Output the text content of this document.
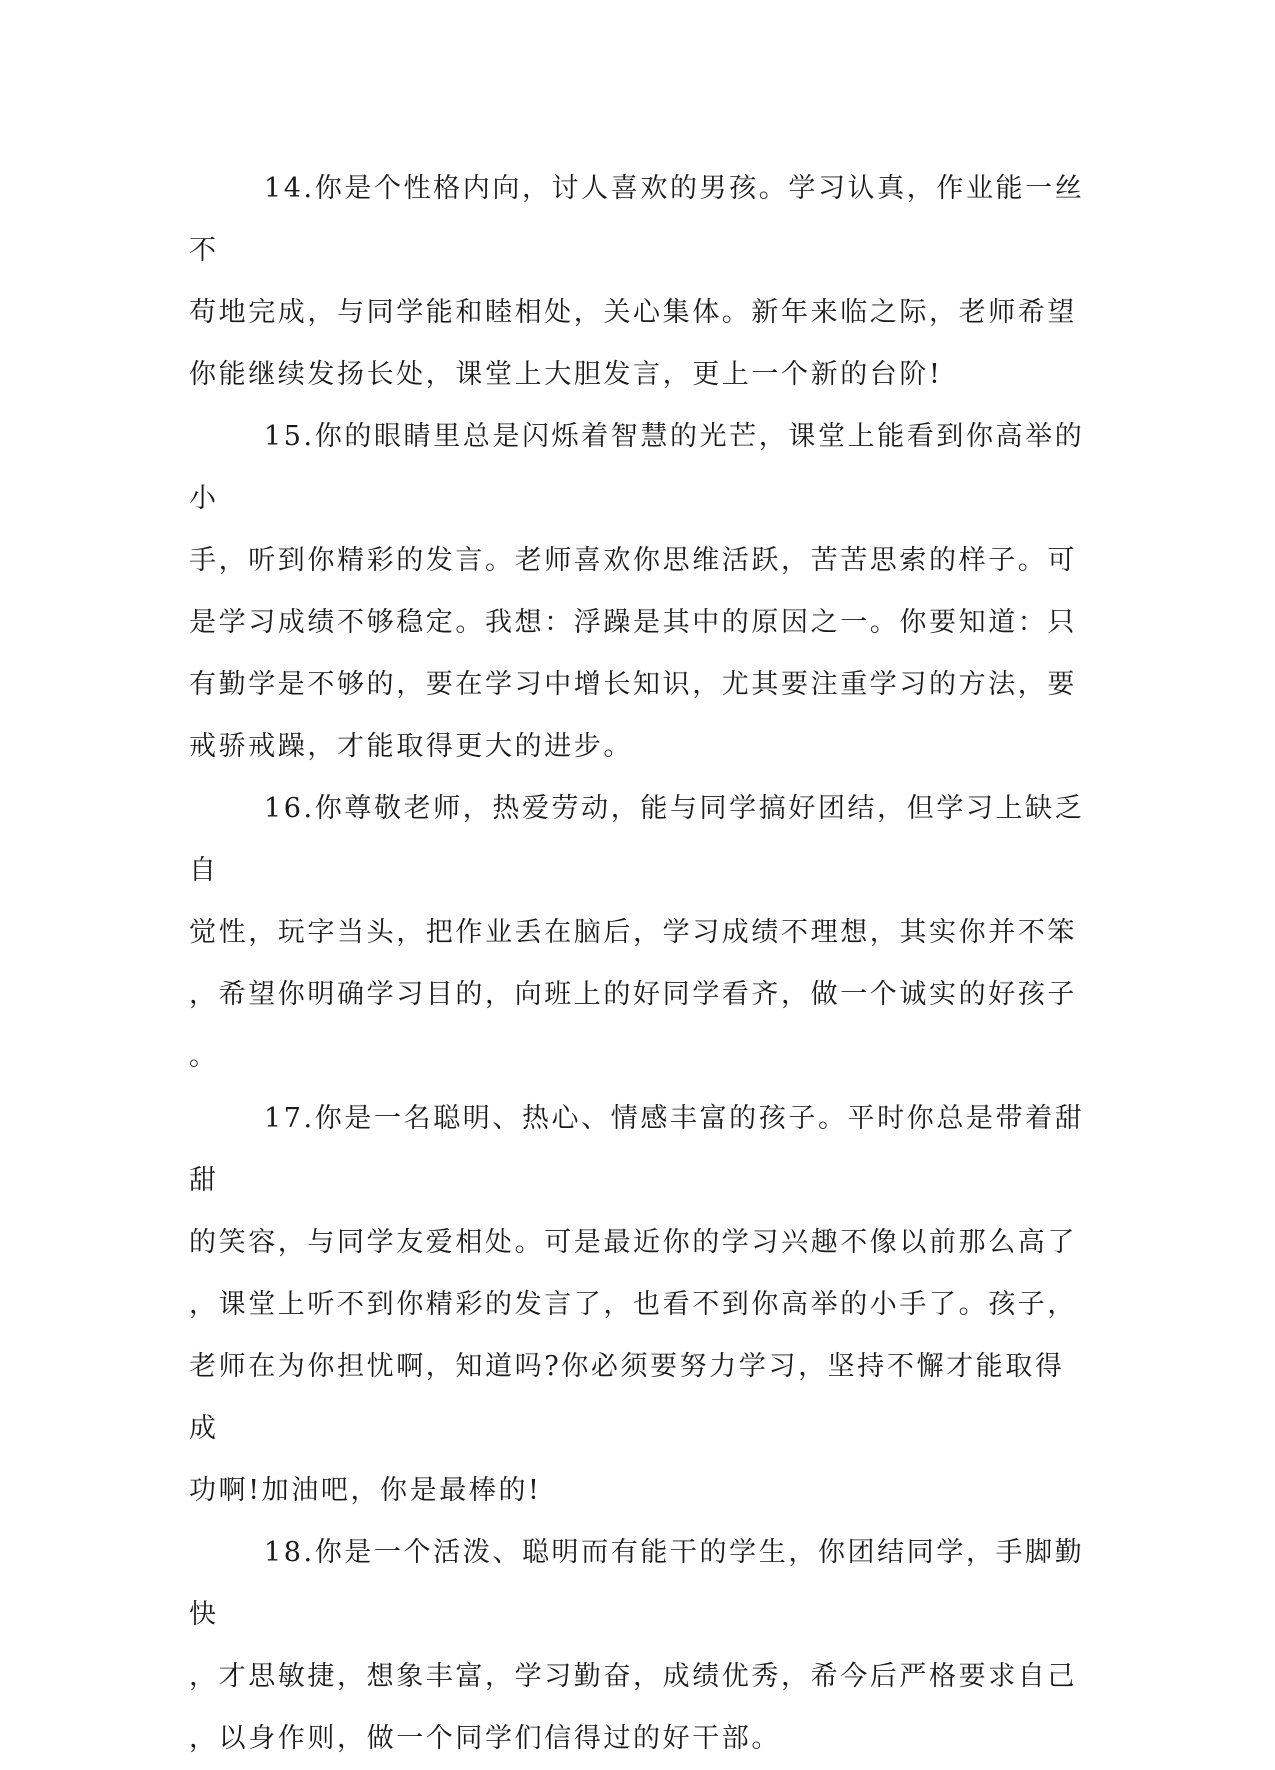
14.你是个性格内向，讨人喜欢的男孩。学习认真，作业能一丝不
苟地完成，与同学能和睦相处，关心集体。新年来临之际，老师希望
你能继续发扬长处，课堂上大胆发言，更上一个新的台阶!

15.你的眼睛里总是闪烁着智慧的光芒，课堂上能看到你高举的小
手，听到你精彩的发言。老师喜欢你思维活跃，苦苦思索的样子。可
是学习成绩不够稳定。我想：浮躁是其中的原因之一。你要知道：只
有勤学是不够的，要在学习中增长知识，尤其要注重学习的方法，要
戒骄戒躁，才能取得更大的进步。

16.你尊敬老师，热爱劳动，能与同学搞好团结，但学习上缺乏自
觉性，玩字当头，把作业丢在脑后，学习成绩不理想，其实你并不笨
，希望你明确学习目的，向班上的好同学看齐，做一个诚实的好孩子
。

17.你是一名聪明、热心、情感丰富的孩子。平时你总是带着甜甜
的笑容，与同学友爱相处。可是最近你的学习兴趣不像以前那么高了
，课堂上听不到你精彩的发言了，也看不到你高举的小手了。孩子，
老师在为你担忧啊，知道吗?你必须要努力学习，坚持不懈才能取得成
功啊!加油吧，你是最棒的!

18.你是一个活泼、聪明而有能干的学生，你团结同学，手脚勤快
，才思敏捷，想象丰富，学习勤奋，成绩优秀，希今后严格要求自己
，以身作则，做一个同学们信得过的好干部。
